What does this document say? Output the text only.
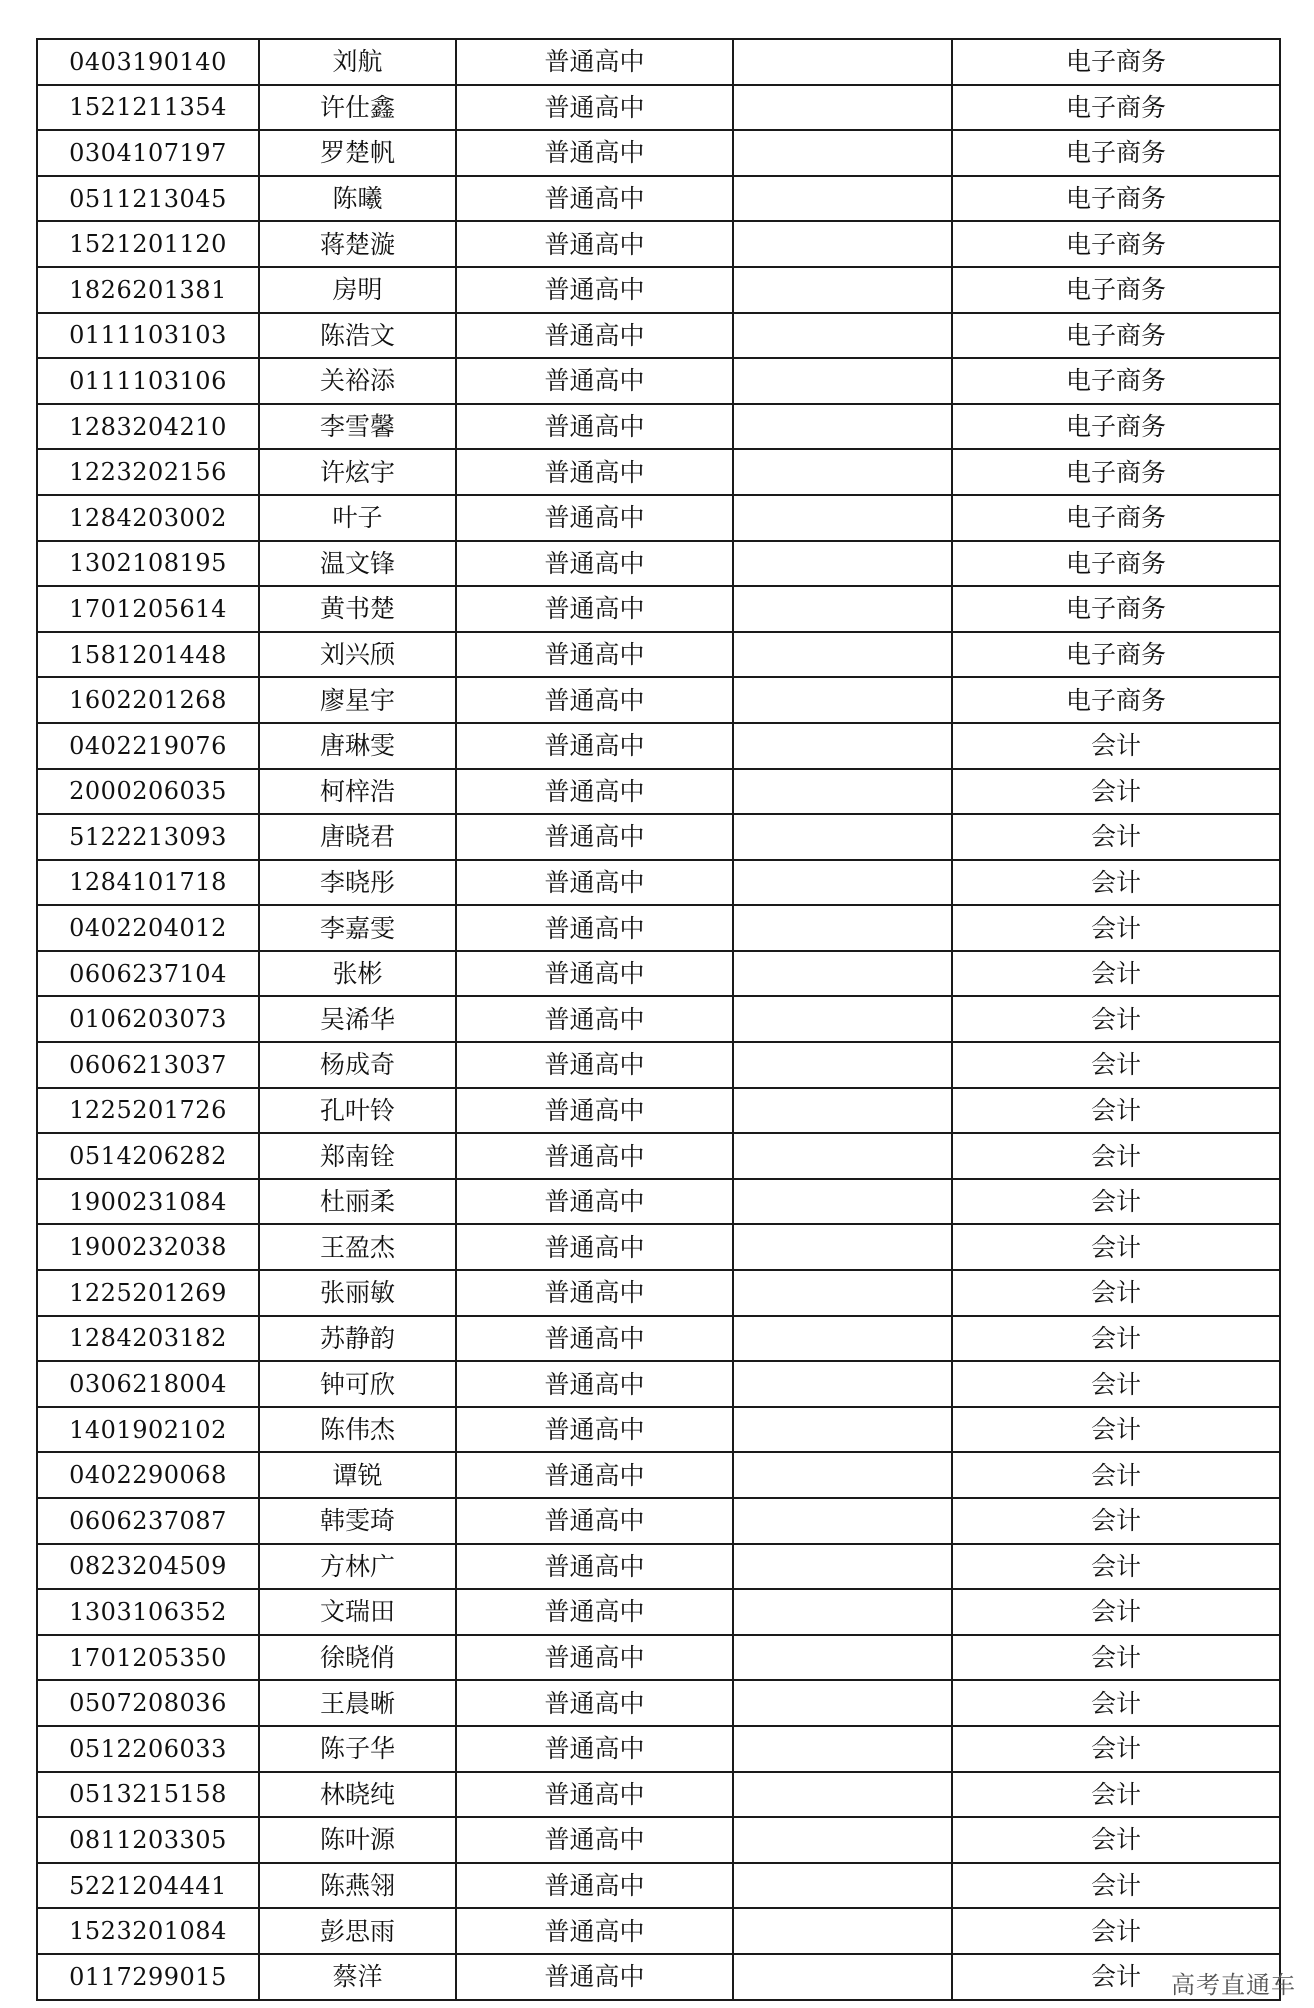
0403190140	刘航	普通高中		电子商务
1521211354	许仕鑫	普通高中		电子商务
0304107197	罗楚帆	普通高中		电子商务
0511213045	陈曦	普通高中		电子商务
1521201120	蒋楚漩	普通高中		电子商务
1826201381	房明	普通高中		电子商务
0111103103	陈浩文	普通高中		电子商务
0111103106	关裕添	普通高中		电子商务
1283204210	李雪馨	普通高中		电子商务
1223202156	许炫宇	普通高中		电子商务
1284203002	叶子	普通高中		电子商务
1302108195	温文锋	普通高中		电子商务
1701205614	黄书楚	普通高中		电子商务
1581201448	刘兴颀	普通高中		电子商务
1602201268	廖星宇	普通高中		电子商务
0402219076	唐琳雯	普通高中		会计
2000206035	柯梓浩	普通高中		会计
5122213093	唐晓君	普通高中		会计
1284101718	李晓彤	普通高中		会计
0402204012	李嘉雯	普通高中		会计
0606237104	张彬	普通高中		会计
0106203073	吴浠华	普通高中		会计
0606213037	杨成奇	普通高中		会计
1225201726	孔叶铃	普通高中		会计
0514206282	郑南铨	普通高中		会计
1900231084	杜丽柔	普通高中		会计
1900232038	王盈杰	普通高中		会计
1225201269	张丽敏	普通高中		会计
1284203182	苏静韵	普通高中		会计
0306218004	钟可欣	普通高中		会计
1401902102	陈伟杰	普通高中		会计
0402290068	谭锐	普通高中		会计
0606237087	韩雯琦	普通高中		会计
0823204509	方林广	普通高中		会计
1303106352	文瑞田	普通高中		会计
1701205350	徐晓俏	普通高中		会计
0507208036	王晨晰	普通高中		会计
0512206033	陈子华	普通高中		会计
0513215158	林晓纯	普通高中		会计
0811203305	陈叶源	普通高中		会计
5221204441	陈燕翎	普通高中		会计
1523201084	彭思雨	普通高中		会计
0117299015	蔡洋	普通高中		会计 高考直通车
